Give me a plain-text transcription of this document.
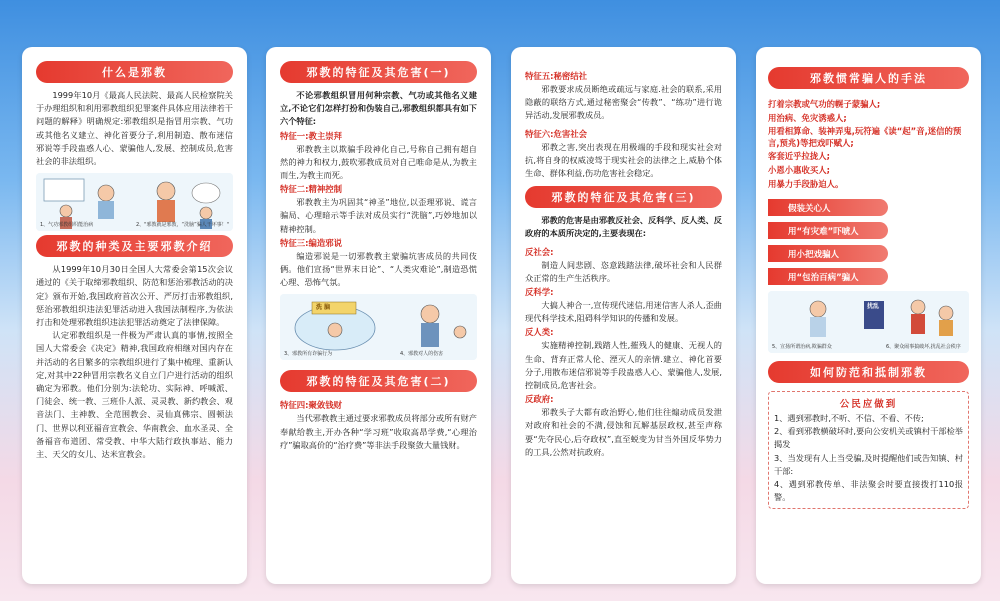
什么是邪教

1999年10月《最高人民法院、最高人民检察院关于办理组织和利用邪教组织犯罪案件具体应用法律若干问题的解释》明确规定:邪教组织是指冒用宗教、气功或其他名义建立、神化首要分子,利用制造、散布迷信邪说等手段蛊惑人心、蒙骗他人,发展、控制成员,危害社会的非法组织。

1、气功邪教组织能治病	2、"邪教就是邪教，“洗脑”骗人干坏事！"
邪教的种类及主要邪教介绍

从1999年10月30日全国人大常委会第15次会议通过的《关于取缔邪教组织、防范和惩治邪教活动的决定》颁布开始,我国政府首次公开、严厉打击邪教组织,惩治邪教组织违法犯罪活动进入我国法制程序,为依法打击和处理邪教组织违法犯罪活动奠定了法律保障。

认定邪教组织是一件极为严肃认真的事情,按照全国人大常委会《决定》精神,我国政府相继对国内存在并活动的名目繁多的宗教组织进行了集中梳理、重新认定,对其中22种冒用宗教名义自立门户进行活动的组织确定为邪教。他们分别为:法轮功、实际神、呼喊派、门徒会、统一教、三班仆人派、灵灵教、新约教会、观音法门、主神教、全范围教会、灵仙真佛宗、圆顿法门、世界以利亚福音宣教会、华南教会、血水圣灵、全备福音布道团、常受教、中华大陆行政执事站、能力主、天父的女儿、达米宣教会。

邪教的特征及其危害(一)

不论邪教组织冒用何种宗教、气功或其他名义建立,不论它们怎样打扮和伪装自己,邪教组织都具有如下六个特征:

特征一:教主崇拜

邪教教主以欺骗手段神化自己,号称自己拥有超自然的神力和权力,鼓吹邪教成员对自己唯命是从,为教主而生,为教主而死。

特征二:精神控制

邪教教主为巩固其“神圣”地位,以歪理邪说、谎言骗局、心理暗示等手法对成员实行“洗脑”,巧妙地加以精神控制。

特征三:编造邪说

编造邪说是一切邪教教主蒙骗坑害成员的共同伎俩。他们宣扬“世界末日论”、“人类灾难论”,制造恐慌心理、恐怖气氛。

洗 脑
3、邪教所有诈骗行为	4、邪教对人的伤害
邪教的特征及其危害(二)
特征四:聚敛钱财

当代邪教教主通过要求邪教成员将部分或所有财产奉献给教主,开办各种“学习班”收取高昂学费,“心理治疗”骗取高价的“治疗费”等非法手段聚敛大量钱财。

特征五:秘密结社

邪教要求成员断绝或疏远与家庭.社会的联系,采用隐蔽的联络方式,通过秘密聚会“传教”、“练功”进行诡异活动,发展邪教成员。

特征六:危害社会

邪教之害,突出表现在用极端的手段和现实社会对抗,将自身的权威凌驾于现实社会的法律之上,威胁个体生命、群体利益,伤功危害社会稳定。

邪教的特征及其危害(三)

邪教的危害是由邪教反社会、反科学、反人类、反政府的本质所决定的,主要表现在:

反社会:

制造人间悲剧、恣意践踏法律,破坏社会和人民群众正常的生产生活秩序。

反科学:

大搞人神合一,宣传现代迷信,用迷信害人杀人,歪曲现代科学技术,阻碍科学知识的传播和发展。

反人类:

实施精神控制,践踏人性,摧残人的健康、无视人的生命、背弃正常人伦、湮灭人的亲情.建立、神化首要分子,用散布迷信邪说等手段蛊惑人心、蒙骗他人,发展,控制成员,危害社会。

反政府:

邪教头子大都有政治野心,他们往往煽动成员发泄对政府和社会的不满,侵蚀和瓦解基层政权,甚至声称要“先夺民心,后夺政权”,直至蜕变为甘当外国反华势力的工具,公然对抗政府。

邪教惯常骗人的手法
打着宗教或气功的幌子蒙骗人;
用治病、免灾诱惑人;
用看相算命、装神弄鬼,玩符遍《读“起”音,迷信的预言,预兆)等把戏吓赋人;
客套近乎拉拢人;
小恩小惠收买人;
用暴力手段胁迫人。
假装关心人
用“有灾难”吓唬人
用小把戏骗人
用“包治百病”骗人
扰乱
5、宣扬所谓治病,欺骗群众	6、聚众闹事搞破坏,扰乱社会秩序
如何防范和抵制邪教
公民应做到

1、遇到邪教时,不听、不信、不看、不传;

2、看到邪教横破坏时,要向公安机关或镇村干部检举揭发

3、当发现有人上当受骗,及时提醒他们或告知镇、村干部:

4、遇到邪教传单、非法聚会时要直接拨打110报警。
